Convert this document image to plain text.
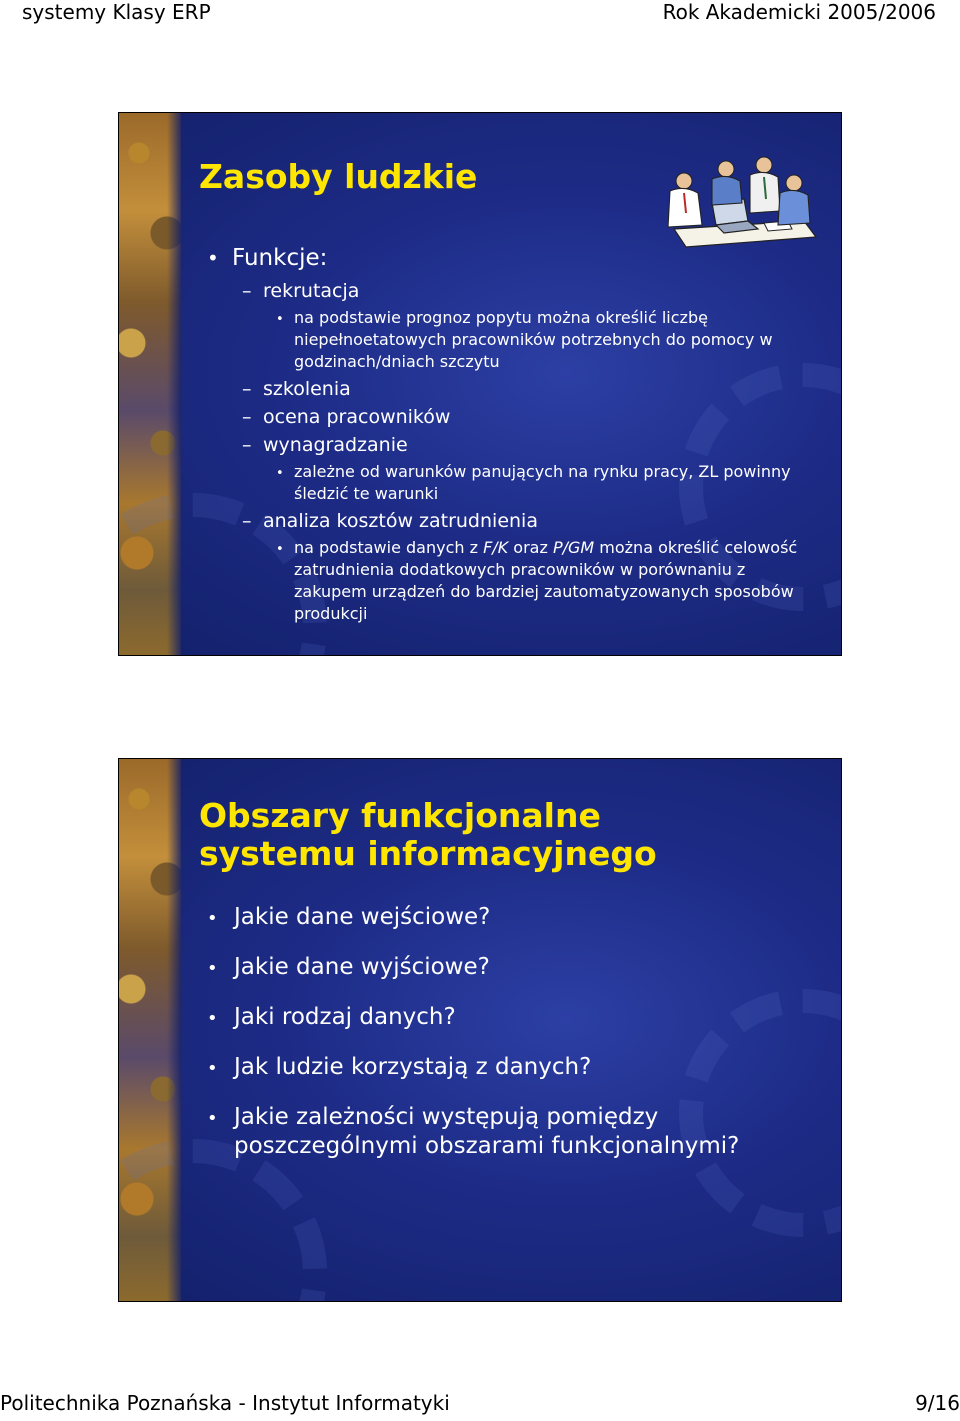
systemy Klasy ERP	Rok Akademicki 2005/2006
Zasoby ludzkie
• Funkcje:
– rekrutacja
• na podstawie prognoz popytu można określić liczbę niepełnoetatowych pracowników potrzebnych do pomocy w godzinach/dniach szczytu
– szkolenia
– ocena pracowników
– wynagradzanie
• zależne od warunków panujących na rynku pracy, ZL powinny śledzić te warunki
– analiza kosztów zatrudnienia
• na podstawie danych z F/K oraz P/GM można określić celowość zatrudnienia dodatkowych pracowników w porównaniu z zakupem urządzeń do bardziej zautomatyzowanych sposobów produkcji
Obszary funkcjonalne
systemu informacyjnego
• Jakie dane wejściowe?
• Jakie dane wyjściowe?
• Jaki rodzaj danych?
• Jak ludzie korzystają z danych?
• Jakie zależności występują pomiędzy poszczególnymi obszarami funkcjonalnymi?
Politechnika Poznańska - Instytut Informatyki	9/16
